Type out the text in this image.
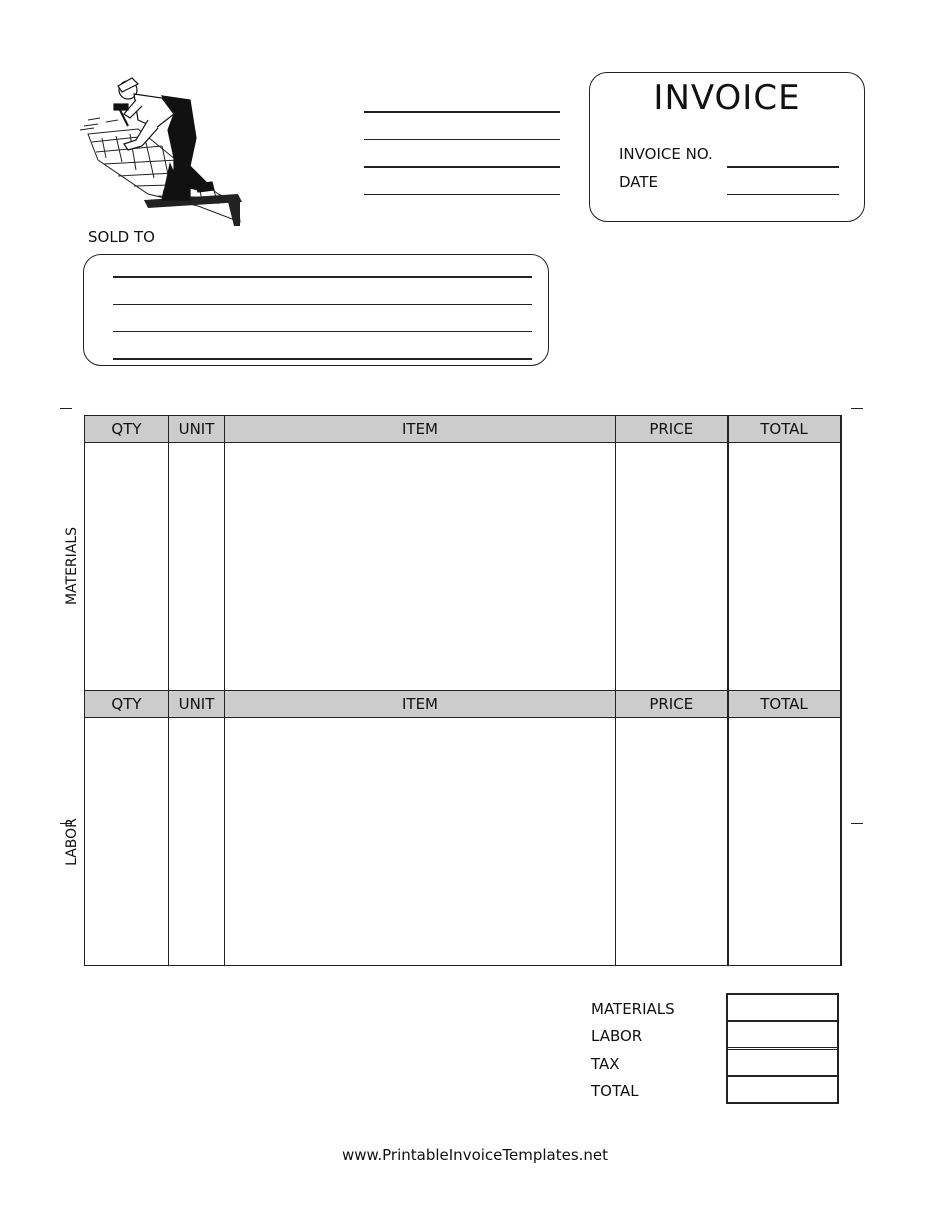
INVOICE
INVOICE NO.
DATE
SOLD TO
MATERIALS
LABOR
QTY	UNIT	ITEM	PRICE	TOTAL

QTY	UNIT	ITEM	PRICE	TOTAL

MATERIALS
LABOR
TAX
TOTAL
www.PrintableInvoiceTemplates.net
